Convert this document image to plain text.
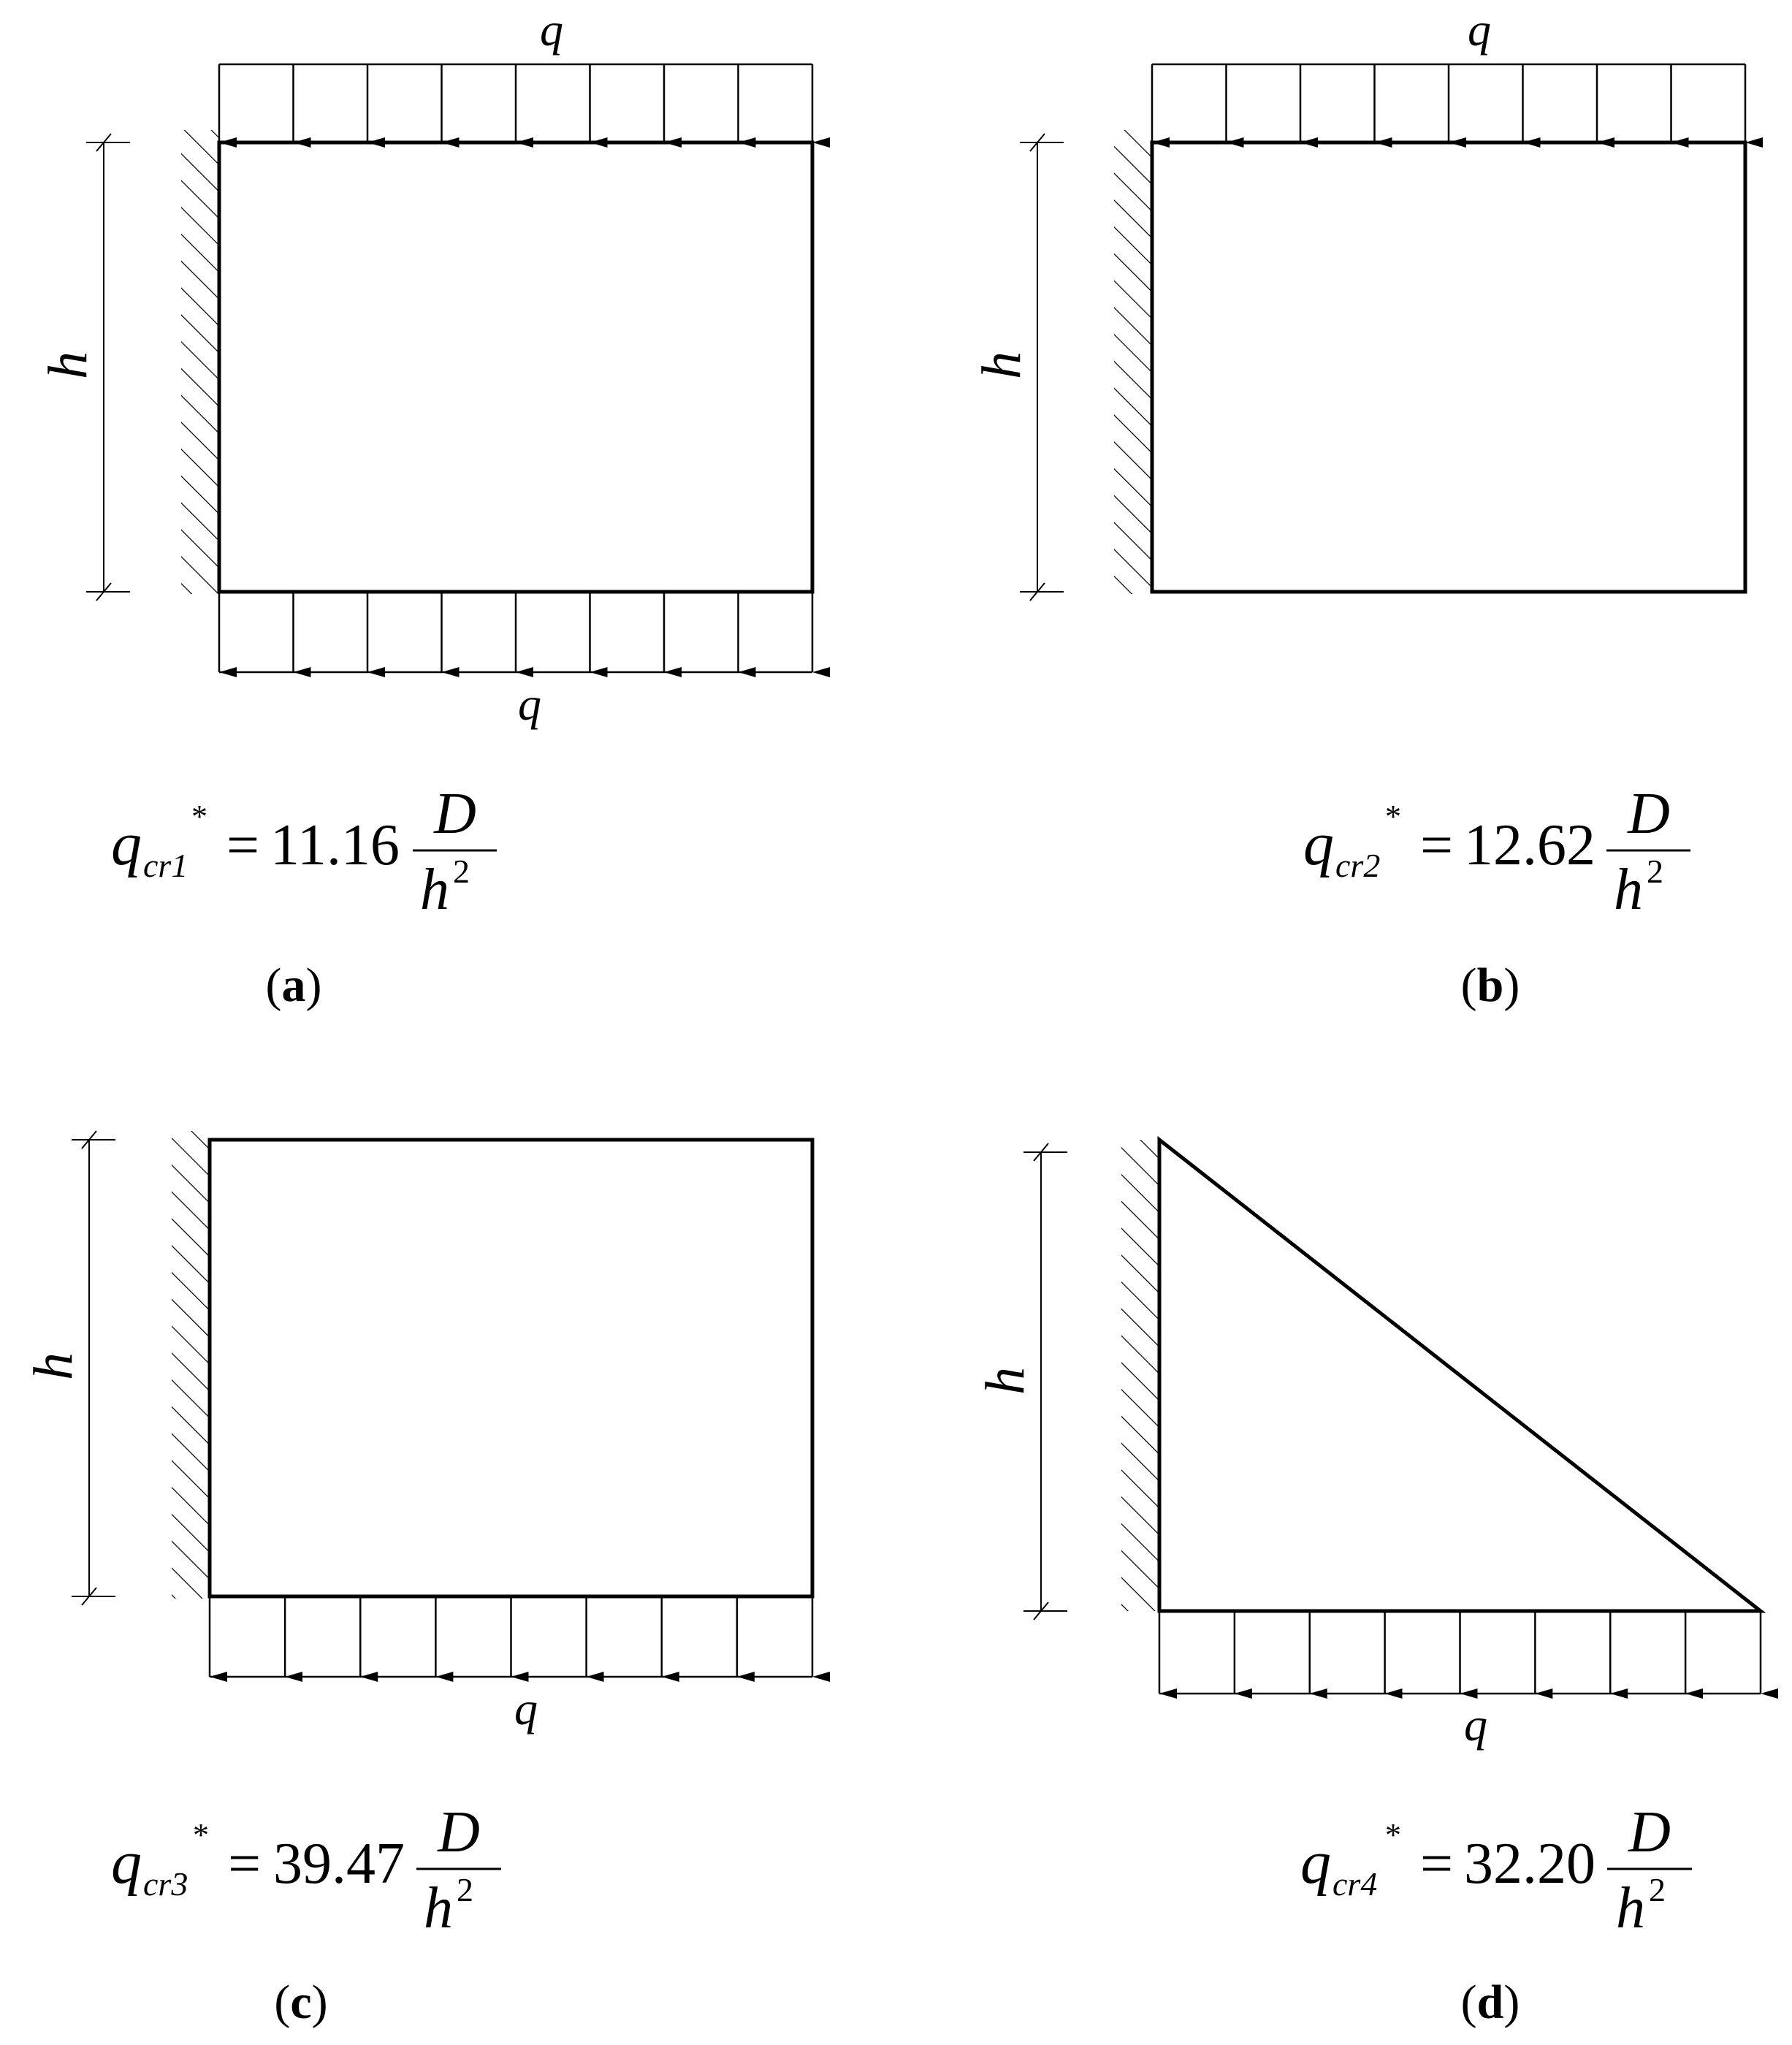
q
q
h
q cr1
* = 11.16 D
h 2
(a)
q
h
q cr2
* = 12.62 D
h 2
(b)
q
h
q cr3
* = 39.47 D
h 2
(c)
q
h
q cr4
* = 32.20 D
h 2
(d)
